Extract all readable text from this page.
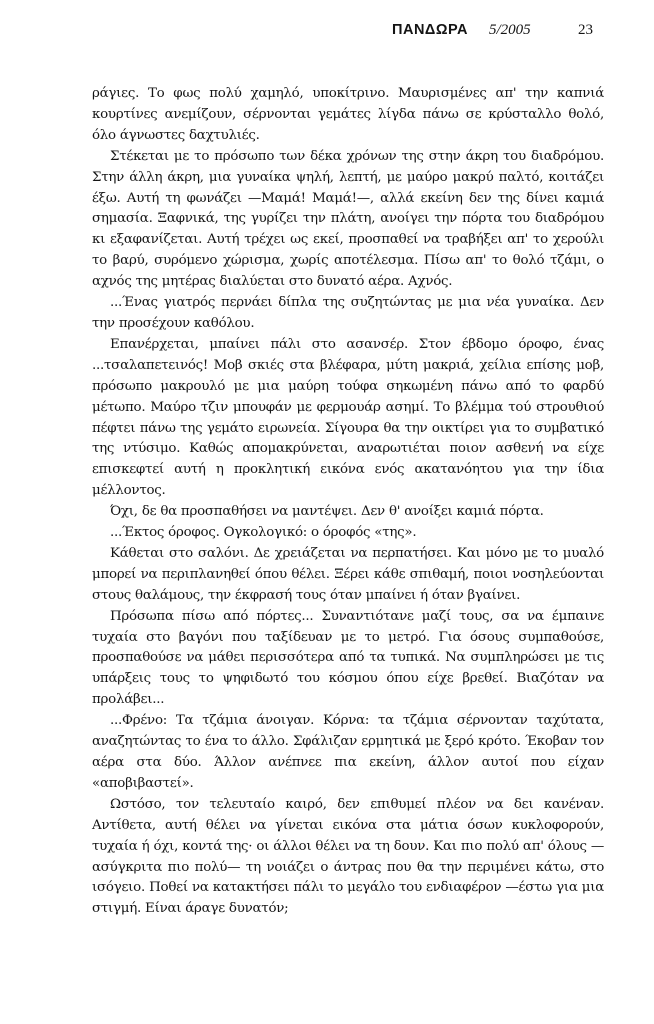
ΠΑΝΔΩΡΑ 5/2005	23

ράγιες. Το φως πολύ χαμηλό, υποκίτρινο. Μαυρισμένες απ' την καπνιά κουρτίνες ανεμίζουν, σέρνονται γεμάτες λίγδα πάνω σε κρύσταλλο θολό, όλο άγνωστες δαχτυλιές.

Στέκεται με το πρόσωπο των δέκα χρόνων της στην άκρη του διαδρόμου. Στην άλλη άκρη, μια γυναίκα ψηλή, λεπτή, με μαύρο μακρύ παλτό, κοιτάζει έξω. Αυτή τη φωνάζει —Μαμά! Μαμά!—, αλλά εκείνη δεν της δίνει καμιά σημασία. Ξαφνικά, της γυρίζει την πλάτη, ανοίγει την πόρτα του διαδρόμου κι εξαφανίζεται. Αυτή τρέχει ως εκεί, προσπαθεί να τραβήξει απ' το χερούλι το βαρύ, συρόμενο χώρισμα, χωρίς αποτέλεσμα. Πίσω απ' το θολό τζάμι, ο αχνός της μητέρας διαλύεται στο δυνατό αέρα. Αχνός.

...Ένας γιατρός περνάει δίπλα της συζητώντας με μια νέα γυναίκα. Δεν την προσέχουν καθόλου.

Επανέρχεται, μπαίνει πάλι στο ασανσέρ. Στον έβδομο όροφο, ένας ...τσαλαπετεινός! Μοβ σκιές στα βλέφαρα, μύτη μακριά, χείλια επίσης μοβ, πρόσωπο μακρουλό με μια μαύρη τούφα σηκωμένη πάνω από το φαρδύ μέτωπο. Μαύρο τζιν μπουφάν με φερμουάρ ασημί. Το βλέμμα τού στρουθιού πέφτει πάνω της γεμάτο ειρωνεία. Σίγουρα θα την οικτίρει για το συμβατικό της ντύσιμο. Καθώς απομακρύνεται, αναρωτιέται ποιον ασθενή να είχε επισκεφτεί αυτή η προκλητική εικόνα ενός ακατανόητου για την ίδια μέλλοντος.

Όχι, δε θα προσπαθήσει να μαντέψει. Δεν θ' ανοίξει καμιά πόρτα.

...Έκτος όροφος. Ογκολογικό: ο όροφός «της».

Κάθεται στο σαλόνι. Δε χρειάζεται να περπατήσει. Και μόνο με το μυαλό μπορεί να περιπλανηθεί όπου θέλει. Ξέρει κάθε σπιθαμή, ποιοι νοσηλεύονται στους θαλάμους, την έκφρασή τους όταν μπαίνει ή όταν βγαίνει.

Πρόσωπα πίσω από πόρτες... Συναντιότανε μαζί τους, σα να έμπαινε τυχαία στο βαγόνι που ταξίδευαν με το μετρό. Για όσους συμπαθούσε, προσπαθούσε να μάθει περισσότερα από τα τυπικά. Να συμπληρώσει με τις υπάρξεις τους το ψηφιδωτό του κόσμου όπου είχε βρεθεί. Βιαζόταν να προλάβει...

...Φρένο: Τα τζάμια άνοιγαν. Κόρνα: τα τζάμια σέρνονταν ταχύτατα, αναζητώντας το ένα το άλλο. Σφάλιζαν ερμητικά με ξερό κρότο. Έκοβαν τον αέρα στα δύο. Άλλον ανέπνεε πια εκείνη, άλλον αυτοί που είχαν «αποβιβαστεί».

Ωστόσο, τον τελευταίο καιρό, δεν επιθυμεί πλέον να δει κανέναν. Αντίθετα, αυτή θέλει να γίνεται εικόνα στα μάτια όσων κυκλοφορούν, τυχαία ή όχι, κοντά της· οι άλλοι θέλει να τη δουν. Και πιο πολύ απ' όλους — ασύγκριτα πιο πολύ— τη νοιάζει ο άντρας που θα την περιμένει κάτω, στο ισόγειο. Ποθεί να κατακτήσει πάλι το μεγάλο του ενδιαφέρον —έστω για μια στιγμή. Είναι άραγε δυνατόν;
